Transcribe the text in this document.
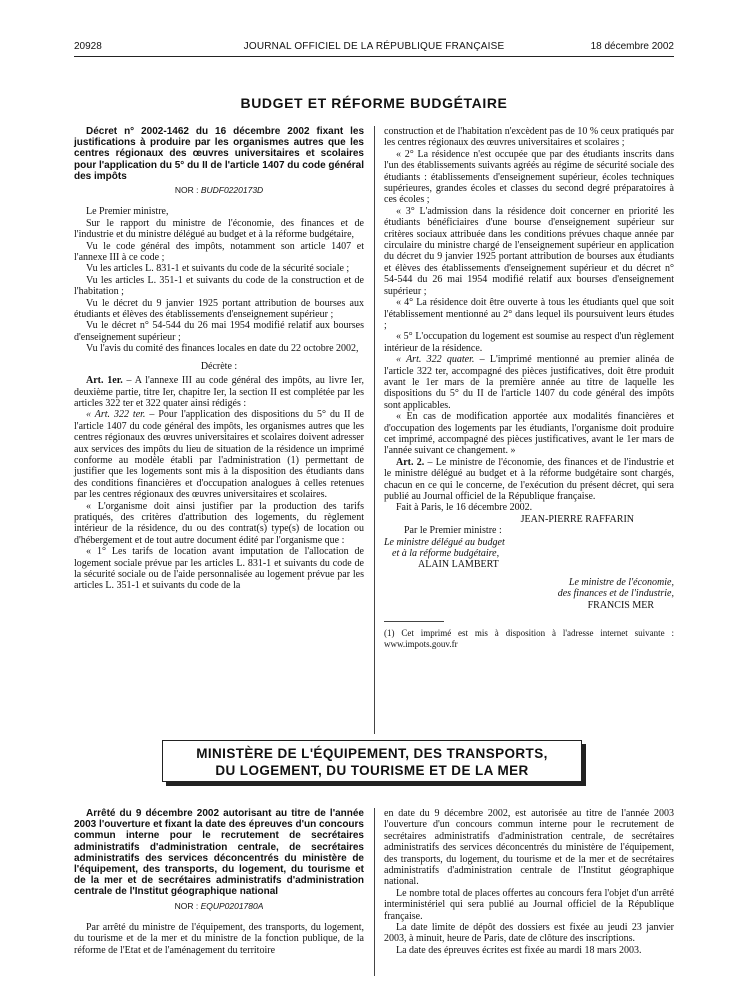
20928	JOURNAL OFFICIEL DE LA RÉPUBLIQUE FRANÇAISE	18 décembre 2002
BUDGET ET RÉFORME BUDGÉTAIRE

Décret n° 2002-1462 du 16 décembre 2002 fixant les justifications à produire par les organismes autres que les centres régionaux des œuvres universitaires et scolaires pour l'application du 5° du II de l'article 1407 du code général des impôts

NOR : BUDF0220173D

Le Premier ministre,

Sur le rapport du ministre de l'économie, des finances et de l'industrie et du ministre délégué au budget et à la réforme budgétaire,

Vu le code général des impôts, notamment son article 1407 et l'annexe III à ce code ;

Vu les articles L. 831-1 et suivants du code de la sécurité sociale ;

Vu les articles L. 351-1 et suivants du code de la construction et de l'habitation ;

Vu le décret du 9 janvier 1925 portant attribution de bourses aux étudiants et élèves des établissements d'enseignement supérieur ;

Vu le décret n° 54-544 du 26 mai 1954 modifié relatif aux bourses d'enseignement supérieur ;

Vu l'avis du comité des finances locales en date du 22 octobre 2002,

Décrète :

Art. 1er. – A l'annexe III au code général des impôts, au livre Ier, deuxième partie, titre Ier, chapitre Ier, la section II est complétée par les articles 322 ter et 322 quater ainsi rédigés :

« Art. 322 ter. – Pour l'application des dispositions du 5° du II de l'article 1407 du code général des impôts, les organismes autres que les centres régionaux des œuvres universitaires et scolaires doivent adresser aux services des impôts du lieu de situation de la résidence un imprimé conforme au modèle établi par l'administration (1) permettant de justifier que les logements sont mis à la disposition des étudiants dans des conditions financières et d'occupation analogues à celles retenues par les centres régionaux des œuvres universitaires et scolaires.

« L'organisme doit ainsi justifier par la production des tarifs pratiqués, des critères d'attribution des logements, du règlement intérieur de la résidence, du ou des contrat(s) type(s) de location ou d'hébergement et de tout autre document édité par l'organisme que :

« 1° Les tarifs de location avant imputation de l'allocation de logement sociale prévue par les articles L. 831-1 et suivants du code de la sécurité sociale ou de l'aide personnalisée au logement prévue par les articles L. 351-1 et suivants du code de la

construction et de l'habitation n'excèdent pas de 10 % ceux pratiqués par les centres régionaux des œuvres universitaires et scolaires ;

« 2° La résidence n'est occupée que par des étudiants inscrits dans l'un des établissements suivants agréés au régime de sécurité sociale des étudiants : établissements d'enseignement supérieur, écoles techniques supérieures, grandes écoles et classes du second degré préparatoires à ces écoles ;

« 3° L'admission dans la résidence doit concerner en priorité les étudiants bénéficiaires d'une bourse d'enseignement supérieur sur critères sociaux attribuée dans les conditions prévues chaque année par circulaire du ministre chargé de l'enseignement supérieur en application du décret du 9 janvier 1925 portant attribution de bourses aux étudiants et élèves des établissements d'enseignement supérieur et du décret n° 54-544 du 26 mai 1954 modifié relatif aux bourses d'enseignement supérieur ;

« 4° La résidence doit être ouverte à tous les étudiants quel que soit l'établissement mentionné au 2° dans lequel ils poursuivent leurs études ;

« 5° L'occupation du logement est soumise au respect d'un règlement intérieur de la résidence.

« Art. 322 quater. – L'imprimé mentionné au premier alinéa de l'article 322 ter, accompagné des pièces justificatives, doit être produit avant le 1er mars de la première année au titre de laquelle les dispositions du 5° du II de l'article 1407 du code général des impôts sont applicables.

« En cas de modification apportée aux modalités financières et d'occupation des logements par les étudiants, l'organisme doit produire cet imprimé, accompagné des pièces justificatives, avant le 1er mars de l'année suivant ce changement. »

Art. 2. – Le ministre de l'économie, des finances et de l'industrie et le ministre délégué au budget et à la réforme budgétaire sont chargés, chacun en ce qui le concerne, de l'exécution du présent décret, qui sera publié au Journal officiel de la République française.

Fait à Paris, le 16 décembre 2002.

JEAN-PIERRE RAFFARIN

Par le Premier ministre :

Le ministre délégué au budget

et à la réforme budgétaire,

ALAIN LAMBERT

Le ministre de l'économie,

des finances et de l'industrie,

FRANCIS MER

(1) Cet imprimé est mis à disposition à l'adresse internet suivante : www.impots.gouv.fr

MINISTÈRE DE L'ÉQUIPEMENT, DES TRANSPORTS,
DU LOGEMENT, DU TOURISME ET DE LA MER

Arrêté du 9 décembre 2002 autorisant au titre de l'année 2003 l'ouverture et fixant la date des épreuves d'un concours commun interne pour le recrutement de secrétaires administratifs d'administration centrale, de secrétaires administratifs des services déconcentrés du ministère de l'équipement, des transports, du logement, du tourisme et de la mer et de secrétaires administratifs d'administration centrale de l'Institut géographique national

NOR : EQUP0201780A

Par arrêté du ministre de l'équipement, des transports, du logement, du tourisme et de la mer et du ministre de la fonction publique, de la réforme de l'Etat et de l'aménagement du territoire

en date du 9 décembre 2002, est autorisée au titre de l'année 2003 l'ouverture d'un concours commun interne pour le recrutement de secrétaires administratifs d'administration centrale, de secrétaires administratifs des services déconcentrés du ministère de l'équipement, des transports, du logement, du tourisme et de la mer et de secrétaires administratifs d'administration centrale de l'Institut géographique national.

Le nombre total de places offertes au concours fera l'objet d'un arrêté interministériel qui sera publié au Journal officiel de la République française.

La date limite de dépôt des dossiers est fixée au jeudi 23 janvier 2003, à minuit, heure de Paris, date de clôture des inscriptions.

La date des épreuves écrites est fixée au mardi 18 mars 2003.
